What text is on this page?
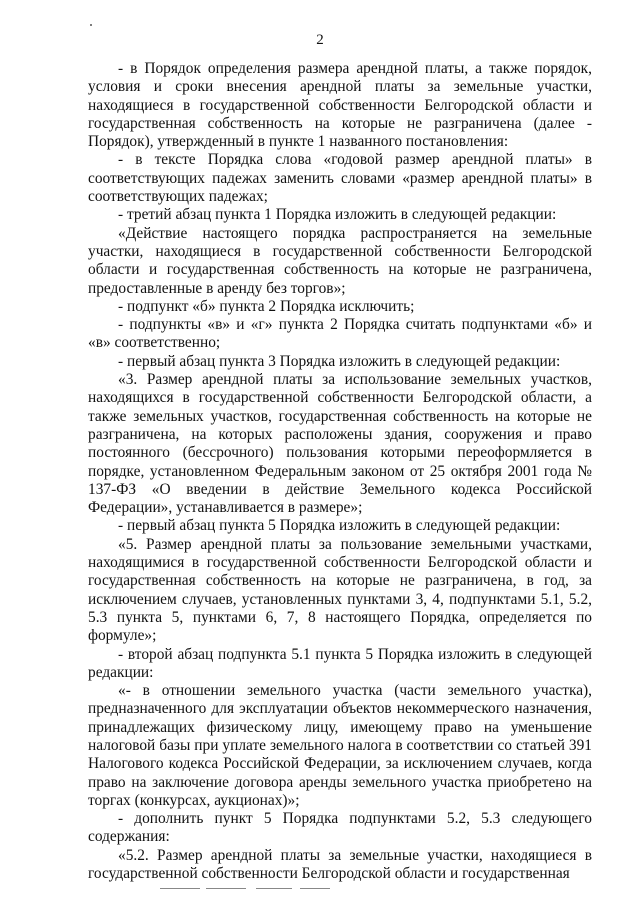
2

- в Порядок определения размера арендной платы, а также порядок, условия и сроки внесения арендной платы за земельные участки, находящиеся в государственной собственности Белгородской области и государственная собственность на которые не разграничена (далее - Порядок), утвержденный в пункте 1 названного постановления:

- в тексте Порядка слова «годовой размер арендной платы» в соответствующих падежах заменить словами «размер арендной платы» в соответствующих падежах;

- третий абзац пункта 1 Порядка изложить в следующей редакции:

«Действие настоящего порядка распространяется на земельные участки, находящиеся в государственной собственности Белгородской области и государственная собственность на которые не разграничена, предоставленные в аренду без торгов»;

- подпункт «б» пункта 2 Порядка исключить;

- подпункты «в» и «г» пункта 2 Порядка считать подпунктами «б» и «в» соответственно;

- первый абзац пункта 3 Порядка изложить в следующей редакции:

«3. Размер арендной платы за использование земельных участков, находящихся в государственной собственности Белгородской области, а также земельных участков, государственная собственность на которые не разграничена, на которых расположены здания, сооружения и право постоянного (бессрочного) пользования которыми переоформляется в порядке, установленном Федеральным законом от 25 октября 2001 года № 137-ФЗ «О введении в действие Земельного кодекса Российской Федерации», устанавливается в размере»;

- первый абзац пункта 5 Порядка изложить в следующей редакции:

«5. Размер арендной платы за пользование земельными участками, находящимися в государственной собственности Белгородской области и государственная собственность на которые не разграничена, в год, за исключением случаев, установленных пунктами 3, 4, подпунктами 5.1, 5.2, 5.3 пункта 5, пунктами 6, 7, 8 настоящего Порядка, определяется по формуле»;

- второй абзац подпункта 5.1 пункта 5 Порядка изложить в следующей редакции:

«- в отношении земельного участка (части земельного участка), предназначенного для эксплуатации объектов некоммерческого назначения, принадлежащих физическому лицу, имеющему право на уменьшение налоговой базы при уплате земельного налога в соответствии со статьей 391 Налогового кодекса Российской Федерации, за исключением случаев, когда право на заключение договора аренды земельного участка приобретено на торгах (конкурсах, аукционах)»;

- дополнить пункт 5 Порядка подпунктами 5.2, 5.3 следующего содержания:

«5.2. Размер арендной платы за земельные участки, находящиеся в государственной собственности Белгородской области и государственная
